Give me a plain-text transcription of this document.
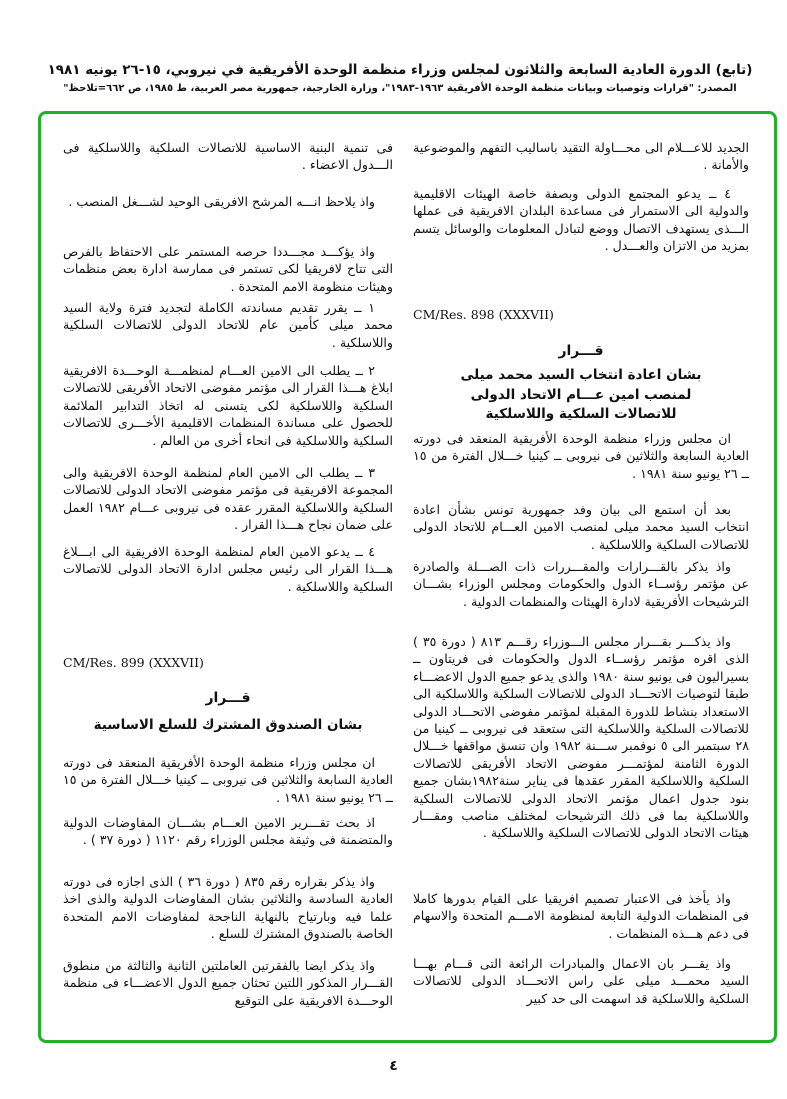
(تابع) الدورة العادية السابعة والثلاثون لمجلس وزراء منظمة الوحدة الأفريقية في نيروبي، ١٥-٢٦ يونيه ١٩٨١
المصدر: "قرارات وتوصيات وبيانات منظمة الوحدة الأفريقية ١٩٦٣-١٩٨٣"، وزارة الخارجية، جمهورية مصر العربية، ط ١٩٨٥، ص ٦٦٢=تلاحظ"
الجديد للاعـــلام الى محـــاولة التقيد باساليب التفهم والموضوعية والأمانة .
٤ ــ يدعو المجتمع الدولى وبصفة خاصة الهيئات الاقليمية والدولية الى الاستمرار فى مساعدة البلدان الافريقية فى عملها الـــذى يستهدف الاتصال ووضع لتبادل المعلومات والوسائل يتسم بمزيد من الاتزان والعـــدل .
CM/Res. 898 (XXXVII)
قـــرار
بشان اعادة انتخاب السيد محمد ميلى
لمنصب امين عـــام الاتحاد الدولى
للاتصالات السلكية واللاسلكية
ان مجلس وزراء منظمة الوحدة الأفريقية المنعقد فى دورته العادية السابعة والثلاثين فى نيروبى ــ كينيا خـــلال الفترة من ١٥ ــ ٢٦ يونيو سنة ١٩٨١ .
بعد أن استمع الى بيان وفد جمهورية تونس بشأن اعادة انتخاب السيد محمد ميلى لمنصب الامين العـــام للاتحاد الدولى للاتصالات السلكية واللاسلكية .
واذ يذكر بالقـــرارات والمقـــررات ذات الصـــلة والصادرة عن مؤتمر رؤســاء الدول والحكومات ومجلس الوزراء بشـــان الترشيحات الأفريقية لادارة الهيئات والمنظمات الدولية .
واذ يذكـــر بقـــرار مجلس الـــوزراء رقـــم ٨١٣ ( دورة ٣٥ ) الذى اقره مؤتمر رؤســاء الدول والحكومات فى فريتاون ــ بسيراليون فى يونيو سنة ١٩٨٠ والذى يدعو جميع الدول الاعضـــاء طبقا لتوصيات الاتحـــاد الدولى للاتصالات السلكية واللاسلكية الى الاستعداد بنشاط للدورة المقبلة لمؤتمر مفوضى الاتحـــاد الدولى للاتصالات السلكية واللاسلكية التى ستعقد فى نيروبى ــ كينيا من ٢٨ سبتمبر الى ٥ نوفمبر ســـنة ١٩٨٢ وان تنسق مواقفها خـــلال الدورة الثامنة لمؤتمـــر مفوضى الاتحاد الأفريقى للاتصالات السلكية واللاسلكية المقرر عقدها فى يناير سنة١٩٨٢بشان جميع بنود جدول اعمال مؤتمر الاتحاد الدولى للاتصالات السلكية واللاسلكية بما فى ذلك الترشيحات لمختلف مناصب ومقـــار هيئات الاتحاد الدولى للاتصالات السلكية واللاسلكية .
واذ يأخذ فى الاعتبار تصميم افريقيا على القيام بدورها كاملا فى المنظمات الدولية التابعة لمنظومة الامـــم المتحدة والاسهام فى دعم هـــذه المنظمات .
واذ يقـــر بان الاعمال والمبادرات الرائعة التى قـــام بهـــا السيد محمـــد ميلى على راس الاتحـــاد الدولى للاتصالات السلكية واللاسلكية قد اسهمت الى حد كبير
فى تنمية البنية الاساسية للاتصالات السلكية واللاسلكية فى الـــدول الاعضاء .
واذ يلاحظ انـــه المرشح الافريقى الوحيد لشـــغل المنصب .
واذ يؤكـــد مجـــددا حرصه المستمر على الاحتفاظ بالفرص التى تتاح لافريقيا لكى تستمر فى ممارسة ادارة بعض منظمات وهيئات منظومة الامم المتحدة .
١ ــ يقرر تقديم مساندته الكاملة لتجديد فترة ولاية السيد محمد ميلى كأمين عام للاتحاد الدولى للاتصالات السلكية واللاسلكية .
٢ ــ يطلب الى الامين العـــام لمنظمـــة الوحـــدة الافريقية ابلاغ هـــذا القرار الى مؤتمر مفوضى الاتحاد الأفريقى للاتصالات السلكية واللاسلكية لكى يتسنى له اتخاذ التدابير الملائمة للحصول على مساندة المنظمات الاقليمية الأخـــرى للاتصالات السلكية واللاسلكية فى انحاء أخرى من العالم .
٣ ــ يطلب الى الامين العام لمنظمة الوحدة الافريقية والى المجموعة الافريقية فى مؤتمر مفوضى الاتحاد الدولى للاتصالات السلكية واللاسلكية المقرر عقده فى نيروبى عـــام ١٩٨٢ العمل على ضمان نجاح هـــذا القرار .
٤ ــ يدعو الامين العام لمنظمة الوحدة الافريقية الى ابـــلاغ هـــذا القرار الى رئيس مجلس ادارة الاتحاد الدولى للاتصالات السلكية واللاسلكية .
CM/Res. 899 (XXXVII)
قـــرار
بشان الصندوق المشترك للسلع الاساسية
ان مجلس وزراء منظمة الوحدة الأفريقية المنعقد فى دورته العادية السابعة والثلاثين فى نيروبى ــ كينيا خـــلال الفترة من ١٥ ــ ٢٦ يونيو سنة ١٩٨١ .
اذ بحث تقـــرير الامين العـــام بشـــان المفاوضات الدولية والمتضمنة فى وثيقة مجلس الوزراء رقم ١١٢٠ ( دورة ٣٧ ) .
واذ يذكر بقراره رقم ٨٣٥ ( دورة ٣٦ ) الذى اجازه فى دورته العادية السادسة والثلاثين بشان المفاوضات الدولية والذى اخذ علما فيه وبارتياح بالنهاية الناجحة لمفاوضات الامم المتحدة الخاصة بالصندوق المشترك للسلع .
واذ يذكر ايضا بالفقرتين العاملتين الثانية والثالثة من منطوق القـــرار المذكور اللتين تحثان جميع الدول الاعضـــاء فى منظمة الوحـــدة الافريقية على التوقيع
٤
